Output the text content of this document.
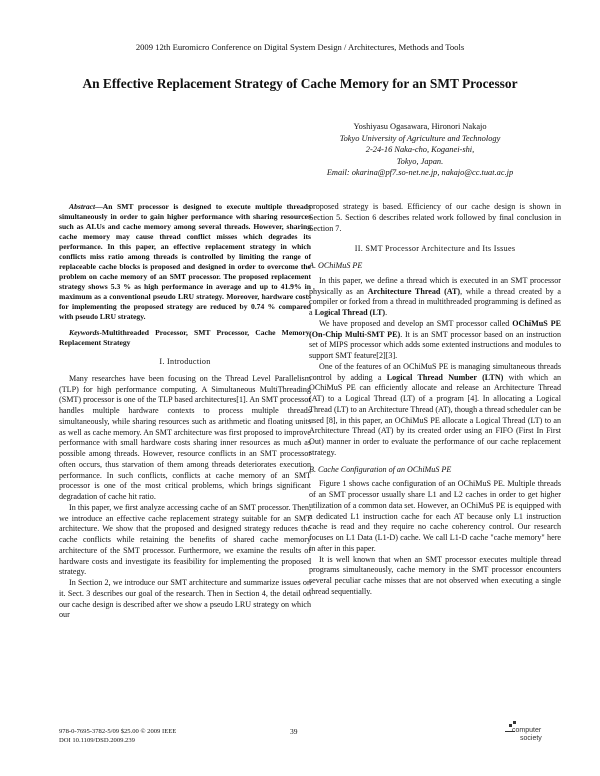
2009 12th Euromicro Conference on Digital System Design / Architectures, Methods and Tools
An Effective Replacement Strategy of Cache Memory for an SMT Processor
Yoshiyasu Ogasawara, Hironori Nakajo
Tokyo University of Agriculture and Technology
2-24-16 Naka-cho, Koganei-shi,
Tokyo, Japan.
Email: okarina@pf7.so-net.ne.jp, nakajo@cc.tuat.ac.jp

Abstract—An SMT processor is designed to execute multiple threads simultaneously in order to gain higher performance with sharing resources such as ALUs and cache memory among several threads. However, sharing cache memory may cause thread conflict misses which degrades its performance. In this paper, an effective replacement strategy in which conflicts miss ratio among threads is controlled by limiting the range of replaceable cache blocks is proposed and designed in order to overcome the problem on cache memory of an SMT processor. The proposed replacement strategy shows 5.3 % as high performance in average and up to 41.9% in maximum as a conventional pseudo LRU strategy. Moreover, hardware costs for implementing the proposed strategy are reduced by 0.74 % compared with pseudo LRU strategy.

Keywords-Multithreaded Processor, SMT Processor, Cache Memory, Replacement Strategy

I. Introduction

Many researches have been focusing on the Thread Level Parallelism (TLP) for high performance computing. A Simultaneous MultiThreading (SMT) processor is one of the TLP based architectures[1]. An SMT processor handles multiple hardware contexts to process multiple threads simultaneously, while sharing resources such as arithmetic and floating units as well as cache memory. An SMT architecture was first proposed to improve performance with small hardware costs sharing inner resources as much as possible among threads. However, resource conflicts in an SMT processor often occurs, thus starvation of them among threads deteriorates execution performance. In such conflicts, conflicts at cache memory of an SMT processor is one of the most critical problems, which brings significant degradation of cache hit ratio.

In this paper, we first analyze accessing cache of an SMT processor. Then, we introduce an effective cache replacement strategy suitable for an SMT architecture. We show that the proposed and designed strategy reduces the cache conflicts while retaining the benefits of shared cache memory architecture of the SMT processor. Furthermore, we examine the results of hardware costs and investigate its feasibility for implementing the proposed strategy.

In Section 2, we introduce our SMT architecture and summarize issues on it. Sect. 3 describes our goal of the research. Then in Section 4, the detail on our cache design is described after we show a pseudo LRU strategy on which our

proposed strategy is based. Efficiency of our cache design is shown in Section 5. Section 6 describes related work followed by final conclusion in Section 7.

II. SMT Processor Architecture and Its Issues
A. OChiMuS PE

In this paper, we define a thread which is executed in an SMT processor physically as an Architecture Thread (AT), while a thread created by a compiler or forked from a thread in multithreaded programming is defined as a Logical Thread (LT).

We have proposed and develop an SMT processor called OChiMuS PE (On-Chip Multi-SMT PE). It is an SMT processor based on an instruction set of MIPS processor which adds some extented instructions and modules to support SMT feature[2][3].

One of the features of an OChiMuS PE is managing simultaneous threads control by adding a Logical Thread Number (LTN) with which an OChiMuS PE can efficiently allocate and release an Architecture Thread (AT) to a Logical Thread (LT) of a program [4]. In allocating a Logical Thread (LT) to an Architecture Thread (AT), though a thread scheduler can be used [8], in this paper, an OChiMuS PE allocate a Logical Thread (LT) to an Architecture Thread (AT) by its created order using an FIFO (First In First Out) manner in order to evaluate the performance of our cache replacement strategy.

B. Cache Configuration of an OChiMuS PE

Figure 1 shows cache configuration of an OChiMuS PE. Multiple threads of an SMT processor usually share L1 and L2 caches in order to get higher utilization of a common data set. However, an OChiMuS PE is equipped with a dedicated L1 instruction cache for each AT because only L1 instruction cache is read and they require no cache coherency control. Our research focuses on L1 Data (L1-D) cache. We call L1-D cache "cache memory" here in after in this paper.

It is well known that when an SMT processor executes multiple thread programs simultaneously, cache memory in the SMT processor encounters several peculiar cache misses that are not observed when executing a single thread sequentially.

978-0-7695-3782-5/09 $25.00 © 2009 IEEE
DOI 10.1109/DSD.2009.239
39	computer
society
